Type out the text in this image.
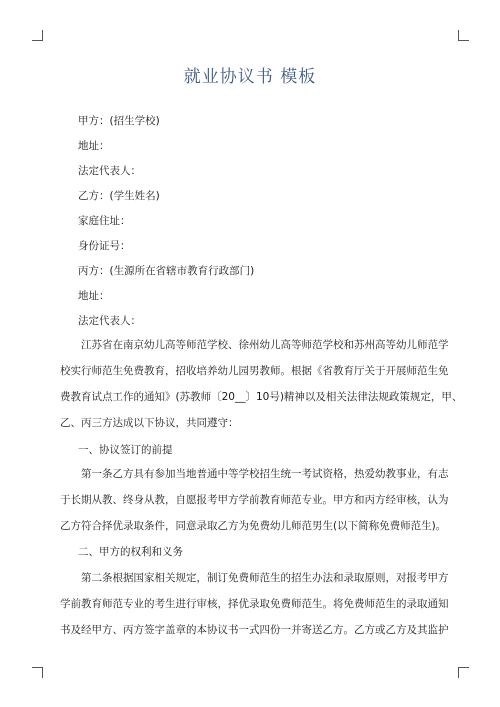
就业协议书 模板
甲方：(招生学校)
地址：
法定代表人：
乙方：(学生姓名)
家庭住址：
身份证号：
丙方：(生源所在省辖市教育行政部门)
地址：
法定代表人：
江苏省在南京幼儿高等师范学校、徐州幼儿高等师范学校和苏州高等幼儿师范学
校实行师范生免费教育，招收培养幼儿园男教师。根据《省教育厅关于开展师范生免
费教育试点工作的通知》(苏教师〔20__〕10号)精神以及相关法律法规政策规定，甲、
乙、丙三方达成以下协议，共同遵守：
一、协议签订的前提
第一条乙方具有参加当地普通中等学校招生统一考试资格，热爱幼教事业，有志
于长期从教、终身从教，自愿报考甲方学前教育师范专业。甲方和丙方经审核，认为
乙方符合择优录取条件，同意录取乙方为免费幼儿师范男生(以下简称免费师范生)。
二、甲方的权利和义务
第二条根据国家相关规定，制订免费师范生的招生办法和录取原则，对报考甲方
学前教育师范专业的考生进行审核，择优录取免费师范生。将免费师范生的录取通知
书及经甲方、丙方签字盖章的本协议书一式四份一并寄送乙方。乙方或乙方及其监护
